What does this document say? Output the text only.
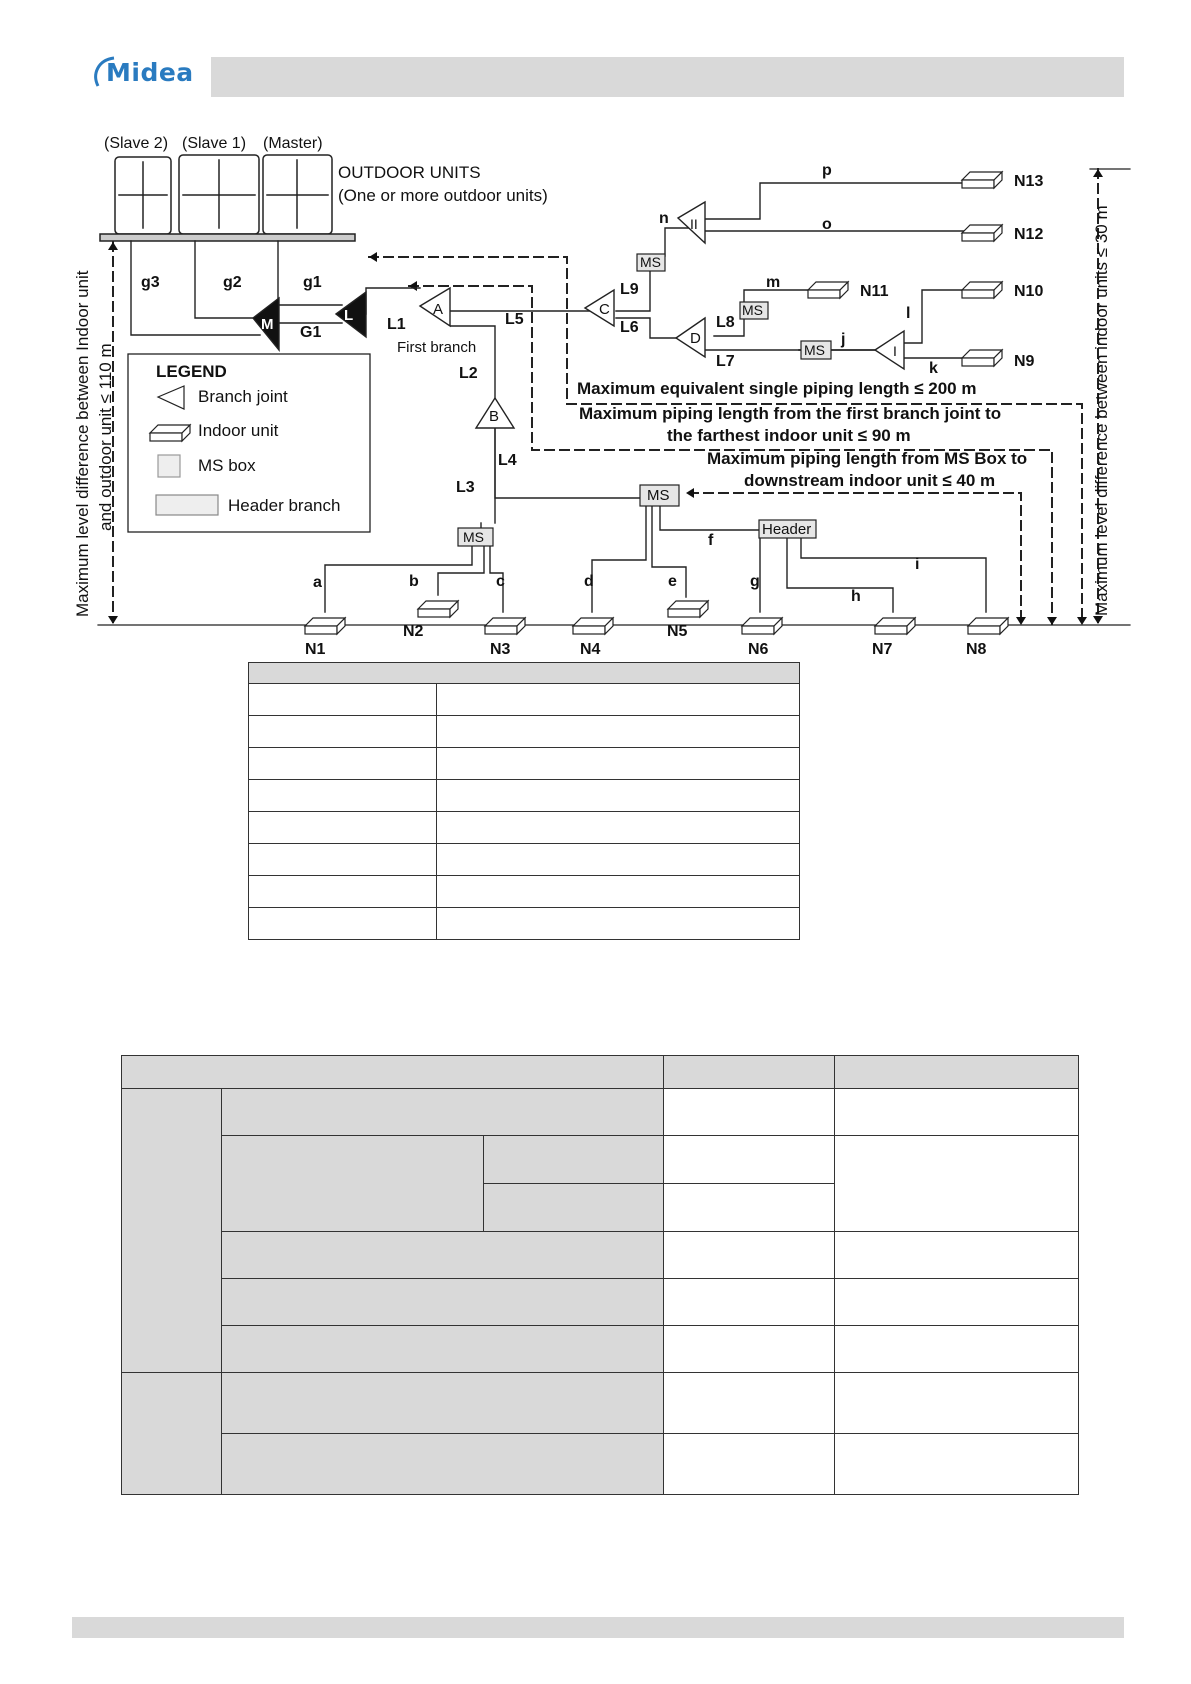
Midea
(Slave 2) (Slave 1) (Master)
OUTDOOR UNITS
(One or more outdoor units)
M
L	A
B
C
D
I
II
First branch
MS
MS
MS
MS
MS
Header
N1
N2
N3	N4
N5
N6	N7	N8
N9
N10
N11
N12
N13
g3	g2	g1
G1	L1
L2
L3
L4
L5	L6
L7
L8
L9
a	b	c	d	e
f
g
h
i
j
k
l
m
n	o
p
Maximum equivalent single piping length ≤ 200 m
Maximum piping length from the first branch joint to
the farthest indoor unit ≤ 90 m
Maximum piping length from MS Box to
downstream indoor unit ≤ 40 m
Maximum level difference between Indoor unit and outdoor unit ≤ 110 m	Maximum level difference between indoor units ≤ 30 m
LEGEND
Branch joint
Indoor unit
MS box
Header branch
